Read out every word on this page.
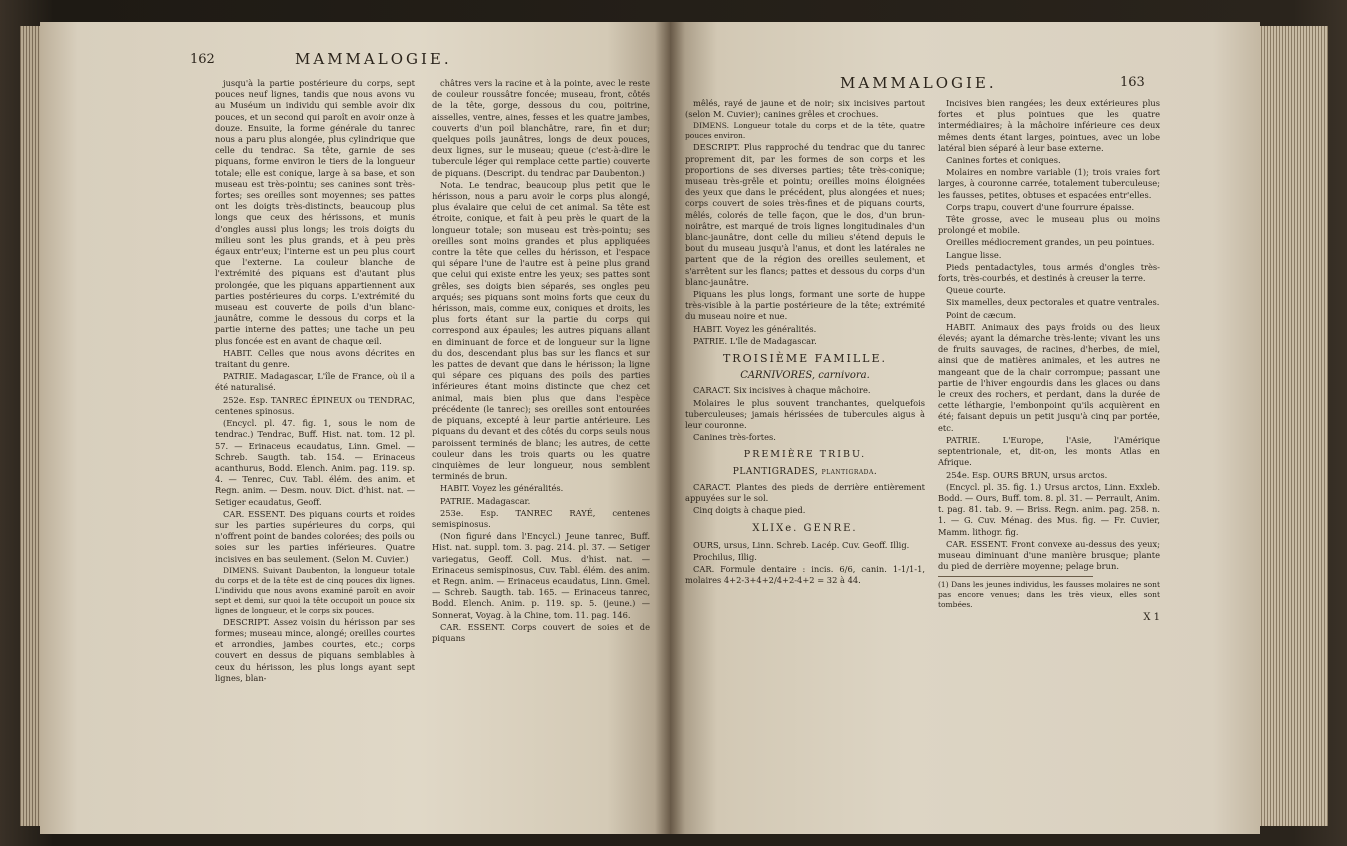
162	MAMMALOGIE.

jusqu'à la partie postérieure du corps, sept pouces neuf lignes, tandis que nous avons vu au Muséum un individu qui semble avoir dix pouces, et un second qui paroît en avoir onze à douze. Ensuite, la forme générale du tanrec nous a paru plus alongée, plus cylindrique que celle du tendrac. Sa tête, garnie de ses piquans, forme environ le tiers de la longueur totale; elle est conique, large à sa base, et son museau est très-pointu; ses canines sont très-fortes; ses oreilles sont moyennes; ses pattes ont les doigts très-distincts, beaucoup plus longs que ceux des hérissons, et munis d'ongles aussi plus longs; les trois doigts du milieu sont les plus grands, et à peu près égaux entr'eux; l'interne est un peu plus court que l'externe. La couleur blanche de l'extrémité des piquans est d'autant plus prolongée, que les piquans appartiennent aux parties postérieures du corps. L'extrémité du museau est couverte de poils d'un blanc-jaunâtre, comme le dessous du corps et la partie interne des pattes; une tache un peu plus foncée est en avant de chaque œil.

HABIT. Celles que nous avons décrites en traitant du genre.

PATRIE. Madagascar, L'île de France, où il a été naturalisé.

252e. Esp. TANREC ÉPINEUX ou TENDRAC, centenes spinosus.

(Encycl. pl. 47. fig. 1, sous le nom de tendrac.) Tendrac, Buff. Hist. nat. tom. 12 pl. 57. — Erinaceus ecaudatus, Linn. Gmel. — Schreb. Saugth. tab. 154. — Erinaceus acanthurus, Bodd. Elench. Anim. pag. 119. sp. 4. — Tenrec, Cuv. Tabl. élém. des anim. et Regn. anim. — Desm. nouv. Dict. d'hist. nat. — Setiger ecaudatus, Geoff.

CAR. ESSENT. Des piquans courts et roides sur les parties supérieures du corps, qui n'offrent point de bandes colorées; des poils ou soies sur les parties inférieures. Quatre incisives en bas seulement. (Selon M. Cuvier.)

DIMENS. Suivant Daubenton, la longueur totale du corps et de la tête est de cinq pouces dix lignes. L'individu que nous avons examiné paroît en avoir sept et demi, sur quoi la tête occupoit un pouce six lignes de longueur, et le corps six pouces.

DESCRIPT. Assez voisin du hérisson par ses formes; museau mince, alongé; oreilles courtes et arrondies, jambes courtes, etc.; corps couvert en dessus de piquans semblables à ceux du hérisson, les plus longs ayant sept lignes, blan-

châtres vers la racine et à la pointe, avec le reste de couleur roussâtre foncée; museau, front, côtés de la tête, gorge, dessous du cou, poitrine, aisselles, ventre, aines, fesses et les quatre jambes, couverts d'un poil blanchâtre, rare, fin et dur; quelques poils jaunâtres, longs de deux pouces, deux lignes, sur le museau; queue (c'est-à-dire le tubercule léger qui remplace cette partie) couverte de piquans. (Descript. du tendrac par Daubenton.)

Nota. Le tendrac, beaucoup plus petit que le hérisson, nous a paru avoir le corps plus alongé, plus évalaire que celui de cet animal. Sa tête est étroite, conique, et fait à peu près le quart de la longueur totale; son museau est très-pointu; ses oreilles sont moins grandes et plus appliquées contre la tête que celles du hérisson, et l'espace qui sépare l'une de l'autre est à peine plus grand que celui qui existe entre les yeux; ses pattes sont grêles, ses doigts bien séparés, ses ongles peu arqués; ses piquans sont moins forts que ceux du hérisson, mais, comme eux, coniques et droits, les plus forts étant sur la partie du corps qui correspond aux épaules; les autres piquans allant en diminuant de force et de longueur sur la ligne du dos, descendant plus bas sur les flancs et sur les pattes de devant que dans le hérisson; la ligne qui sépare ces piquans des poils des parties inférieures étant moins distincte que chez cet animal, mais bien plus que dans l'espèce précédente (le tanrec); ses oreilles sont entourées de piquans, excepté à leur partie antérieure. Les piquans du devant et des côtés du corps seuls nous paroissent terminés de blanc; les autres, de cette couleur dans les trois quarts ou les quatre cinquièmes de leur longueur, nous semblent terminés de brun.

HABIT. Voyez les généralités.

PATRIE. Madagascar.

253e. Esp. TANREC RAYÉ, centenes semispinosus.

(Non figuré dans l'Encycl.) Jeune tanrec, Buff. Hist. nat. suppl. tom. 3. pag. 214. pl. 37. — Setiger variegatus, Geoff. Coll. Mus. d'hist. nat. — Erinaceus semispinosus, Cuv. Tabl. élém. des anim. et Regn. anim. — Erinaceus ecaudatus, Linn. Gmel. — Schreb. Saugth. tab. 165. — Erinaceus tanrec, Bodd. Elench. Anim. p. 119. sp. 5. (jeune.) — Sonnerat, Voyag. à la Chine, tom. 11. pag. 146.

CAR. ESSENT. Corps couvert de soies et de piquans

MAMMALOGIE.	163

mêlés, rayé de jaune et de noir; six incisives partout (selon M. Cuvier); canines grêles et crochues.

DIMENS. Longueur totale du corps et de la tête, quatre pouces environ.

DESCRIPT. Plus rapproché du tendrac que du tanrec proprement dit, par les formes de son corps et les proportions de ses diverses parties; tête très-conique; museau très-grêle et pointu; oreilles moins éloignées des yeux que dans le précédent, plus alongées et nues; corps couvert de soies très-fines et de piquans courts, mêlés, colorés de telle façon, que le dos, d'un brun-noirâtre, est marqué de trois lignes longitudinales d'un blanc-jaunâtre, dont celle du milieu s'étend depuis le bout du museau jusqu'à l'anus, et dont les latérales ne partent que de la région des oreilles seulement, et s'arrêtent sur les flancs; pattes et dessous du corps d'un blanc-jaunâtre.

Piquans les plus longs, formant une sorte de huppe très-visible à la partie postérieure de la tête; extrémité du museau noire et nue.

HABIT. Voyez les généralités.

PATRIE. L'île de Madagascar.

TROISIÈME FAMILLE.

CARNIVORES, carnivora.

CARACT. Six incisives à chaque mâchoire.

Molaires le plus souvent tranchantes, quelquefois tuberculeuses; jamais hérissées de tubercules aigus à leur couronne.

Canines très-fortes.

PREMIÈRE TRIBU.

PLANTIGRADES, plantigrada.

CARACT. Plantes des pieds de derrière entièrement appuyées sur le sol.

Cinq doigts à chaque pied.

XLIXe. GENRE.

OURS, ursus, Linn. Schreb. Lacép. Cuv. Geoff. Illig.

Prochilus, Illig.

CAR. Formule dentaire : incis. 6/6, canin. 1-1/1-1, molaires 4+2-3+4+2/4+2-4+2 = 32 à 44.

Incisives bien rangées; les deux extérieures plus fortes et plus pointues que les quatre intermédiaires; à la mâchoire inférieure ces deux mêmes dents étant larges, pointues, avec un lobe latéral bien séparé à leur base externe.

Canines fortes et coniques.

Molaires en nombre variable (1); trois vraies fort larges, à couronne carrée, totalement tuberculeuse; les fausses, petites, obtuses et espacées entr'elles.

Corps trapu, couvert d'une fourrure épaisse.

Tête grosse, avec le museau plus ou moins prolongé et mobile.

Oreilles médiocrement grandes, un peu pointues.

Langue lisse.

Pieds pentadactyles, tous armés d'ongles très-forts, très-courbés, et destinés à creuser la terre.

Queue courte.

Six mamelles, deux pectorales et quatre ventrales.

Point de cæcum.

HABIT. Animaux des pays froids ou des lieux élevés; ayant la démarche très-lente; vivant les uns de fruits sauvages, de racines, d'herbes, de miel, ainsi que de matières animales, et les autres ne mangeant que de la chair corrompue; passant une partie de l'hiver engourdis dans les glaces ou dans le creux des rochers, et perdant, dans la durée de cette léthargie, l'embonpoint qu'ils acquièrent en été; faisant depuis un petit jusqu'à cinq par portée, etc.

PATRIE. L'Europe, l'Asie, l'Amérique septentrionale, et, dit-on, les monts Atlas en Afrique.

254e. Esp. OURS BRUN, ursus arctos.

(Encycl. pl. 35. fig. 1.) Ursus arctos, Linn. Exxleb. Bodd. — Ours, Buff. tom. 8. pl. 31. — Perrault, Anim. t. pag. 81. tab. 9. — Briss. Regn. anim. pag. 258. n. 1. — G. Cuv. Ménag. des Mus. fig. — Fr. Cuvier, Mamm. lithogr. fig.

CAR. ESSENT. Front convexe au-dessus des yeux; museau diminuant d'une manière brusque; plante du pied de derrière moyenne; pelage brun.

(1) Dans les jeunes individus, les fausses molaires ne sont pas encore venues; dans les très vieux, elles sont tombées.

X 1
